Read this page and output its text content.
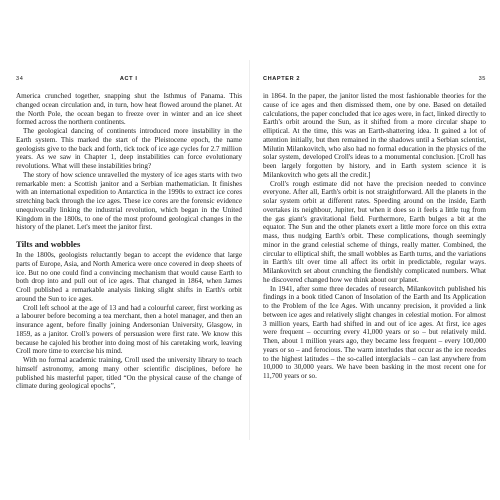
34	ACT I

America crunched together, snapping shut the Isthmus of Panama. This changed ocean circulation and, in turn, how heat flowed around the planet. At the North Pole, the ocean began to freeze over in winter and an ice sheet formed across the northern continents.

The geological dancing of continents introduced more instability in the Earth system. This marked the start of the Pleistocene epoch, the name geologists give to the back and forth, tick tock of ice age cycles for 2.7 million years. As we saw in Chapter 1, deep instabilities can force evolutionary revolutions. What will these instabilities bring?

The story of how science unravelled the mystery of ice ages starts with two remarkable men: a Scottish janitor and a Serbian mathematician. It finishes with an international expedition to Antarctica in the 1990s to extract ice cores stretching back through the ice ages. These ice cores are the forensic evidence unequivocally linking the industrial revolution, which began in the United Kingdom in the 1800s, to one of the most profound geological changes in the history of the planet. Let's meet the janitor first.

Tilts and wobbles

In the 1800s, geologists reluctantly began to accept the evidence that large parts of Europe, Asia, and North America were once covered in deep sheets of ice. But no one could find a convincing mechanism that would cause Earth to both drop into and pull out of ice ages. That changed in 1864, when James Croll published a remarkable analysis linking slight shifts in Earth's orbit around the Sun to ice ages.

Croll left school at the age of 13 and had a colourful career, first working as a labourer before becoming a tea merchant, then a hotel manager, and then an insurance agent, before finally joining Andersonian University, Glasgow, in 1859, as a janitor. Croll's powers of persuasion were first rate. We know this because he cajoled his brother into doing most of his caretaking work, leaving Croll more time to exercise his mind.

With no formal academic training, Croll used the university library to teach himself astronomy, among many other scientific disciplines, before he published his masterful paper, titled “On the physical cause of the change of climate during geological epochs”,

CHAPTER 2	35

in 1864. In the paper, the janitor listed the most fashionable theories for the cause of ice ages and then dismissed them, one by one. Based on detailed calculations, the paper concluded that ice ages were, in fact, linked directly to Earth's orbit around the Sun, as it shifted from a more circular shape to elliptical. At the time, this was an Earth-shattering idea. It gained a lot of attention initially, but then remained in the shadows until a Serbian scientist, Milutin Milankovitch, who also had no formal education in the physics of the solar system, developed Croll's ideas to a monumental conclusion. [Croll has been largely forgotten by history, and in Earth system science it is Milankovitch who gets all the credit.]

Croll's rough estimate did not have the precision needed to convince everyone. After all, Earth's orbit is not straightforward. All the planets in the solar system orbit at different rates. Speeding around on the inside, Earth overtakes its neighbour, Jupiter, but when it does so it feels a little tug from the gas giant's gravitational field. Furthermore, Earth bulges a bit at the equator. The Sun and the other planets exert a little more force on this extra mass, thus nudging Earth's orbit. These complications, though seemingly minor in the grand celestial scheme of things, really matter. Combined, the circular to elliptical shift, the small wobbles as Earth turns, and the variations in Earth's tilt over time all affect its orbit in predictable, regular ways. Milankovitch set about crunching the fiendishly complicated numbers. What he discovered changed how we think about our planet.

In 1941, after some three decades of research, Milankovitch published his findings in a book titled Canon of Insolation of the Earth and Its Application to the Problem of the Ice Ages. With uncanny precision, it provided a link between ice ages and relatively slight changes in celestial motion. For almost 3 million years, Earth had shifted in and out of ice ages. At first, ice ages were frequent – occurring every 41,000 years or so – but relatively mild. Then, about 1 million years ago, they became less frequent – every 100,000 years or so – and ferocious. The warm interludes that occur as the ice recedes to the highest latitudes – the so-called interglacials – can last anywhere from 10,000 to 30,000 years. We have been basking in the most recent one for 11,700 years or so.
